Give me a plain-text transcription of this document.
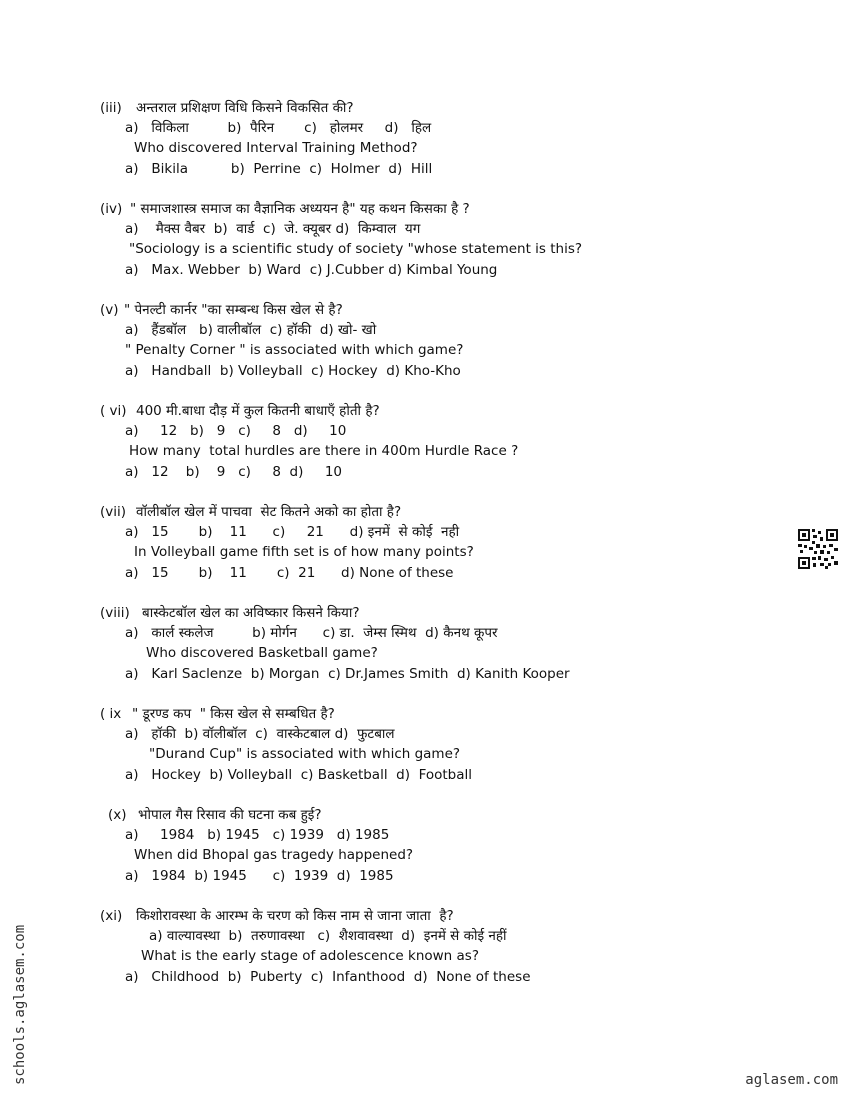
(iii) अन्तराल प्रशिक्षण विधि किसने विकसित की?
a)   विकिला         b)  पैरिन       c)   होलमर     d)   हिल
Who discovered Interval Training Method?
a)   Bikila          b)  Perrine  c)  Holmer  d)  Hill
(iv) " समाजशास्त्र समाज का वैज्ञानिक अध्ययन है" यह कथन किसका है ?
a)    मैक्स वैबर  b)  वार्ड  c)  जे. क्यूबर d)  किम्वाल  यग
"Sociology is a scientific study of society "whose statement is this?
a)   Max. Webber  b) Ward  c) J.Cubber d) Kimbal Young
(v) " पेनल्टी कार्नर "का सम्बन्ध किस खेल से है?
a)   हैंडबॉल   b) वालीबॉल  c) हॉकी  d) खो- खो
" Penalty Corner " is associated with which game?
a)   Handball  b) Volleyball  c) Hockey  d) Kho-Kho
( vi) 400 मी.बाधा दौड़ में कुल कितनी बाधाएँ होती है?
a)     12   b)   9   c)     8   d)     10
How many  total hurdles are there in 400m Hurdle Race ?
a)   12    b)    9   c)     8  d)     10
(vii) वॉलीबॉल खेल में पाचवा  सेट कितने अको का होता है?
a)   15       b)    11      c)     21      d) इनमें  से कोई  नही
In Volleyball game fifth set is of how many points?
a)   15       b)    11       c)  21      d) None of these
(viii) बास्केटबॉल खेल का अविष्कार किसने किया?
a)   कार्ल स्कलेज         b) मोर्गन      c) डा.  जेम्स स्मिथ  d) कैनथ कूपर
Who discovered Basketball game?
a)   Karl Saclenze  b) Morgan  c) Dr.James Smith  d) Kanith Kooper
( ix " डूरण्ड कप  " किस खेल से सम्बधित है?
a)   हॉकी  b) वॉलीबॉल  c)  वास्केटबाल d)  फुटबाल
"Durand Cup" is associated with which game?
a)   Hockey  b) Volleyball  c) Basketball  d)  Football
(x) भोपाल गैस रिसाव की घटना कब हुई?
a)     1984   b) 1945   c) 1939   d) 1985
When did Bhopal gas tragedy happened?
a)   1984  b) 1945      c)  1939  d)  1985
(xi) किशोरावस्था के आरम्भ के चरण को किस नाम से जाना जाता  है?
a) वाल्यावस्था  b)  तरुणावस्था   c)  शैशवावस्था  d)  इनमें से कोई नहीं
What is the early stage of adolescence known as?
a)   Childhood  b)  Puberty  c)  Infanthood  d)  None of these
schools.aglasem.com	aglasem.com
